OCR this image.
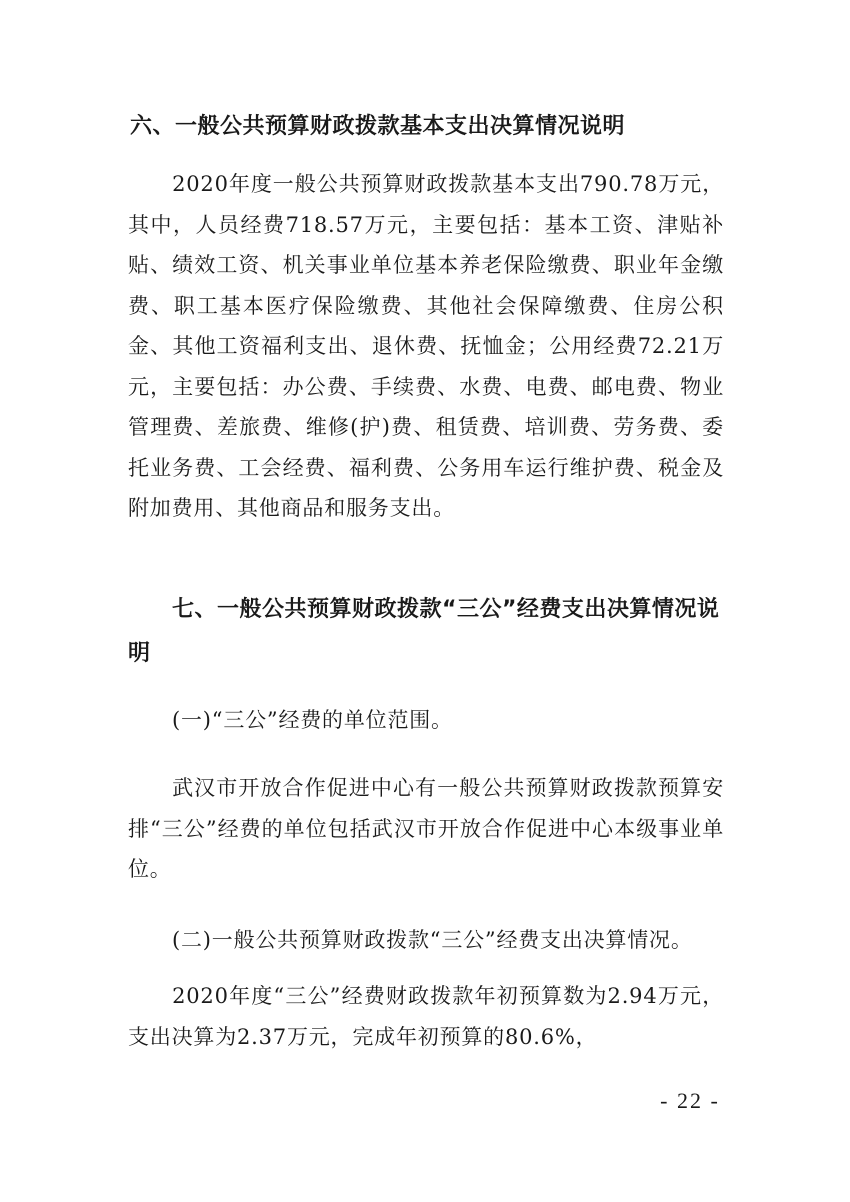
六、一般公共预算财政拨款基本支出决算情况说明
2020年度一般公共预算财政拨款基本支出790.78万元，其中，人员经费718.57万元，主要包括：基本工资、津贴补贴、绩效工资、机关事业单位基本养老保险缴费、职业年金缴费、职工基本医疗保险缴费、其他社会保障缴费、住房公积金、其他工资福利支出、退休费、抚恤金；公用经费72.21万元，主要包括：办公费、手续费、水费、电费、邮电费、物业管理费、差旅费、维修(护)费、租赁费、培训费、劳务费、委托业务费、工会经费、福利费、公务用车运行维护费、税金及附加费用、其他商品和服务支出。
七、一般公共预算财政拨款“三公”经费支出决算情况说明
(一)“三公”经费的单位范围。
武汉市开放合作促进中心有一般公共预算财政拨款预算安排“三公”经费的单位包括武汉市开放合作促进中心本级事业单位。
(二)一般公共预算财政拨款“三公”经费支出决算情况。
2020年度“三公”经费财政拨款年初预算数为2.94万元，支出决算为2.37万元，完成年初预算的80.6%，
- 22 -
